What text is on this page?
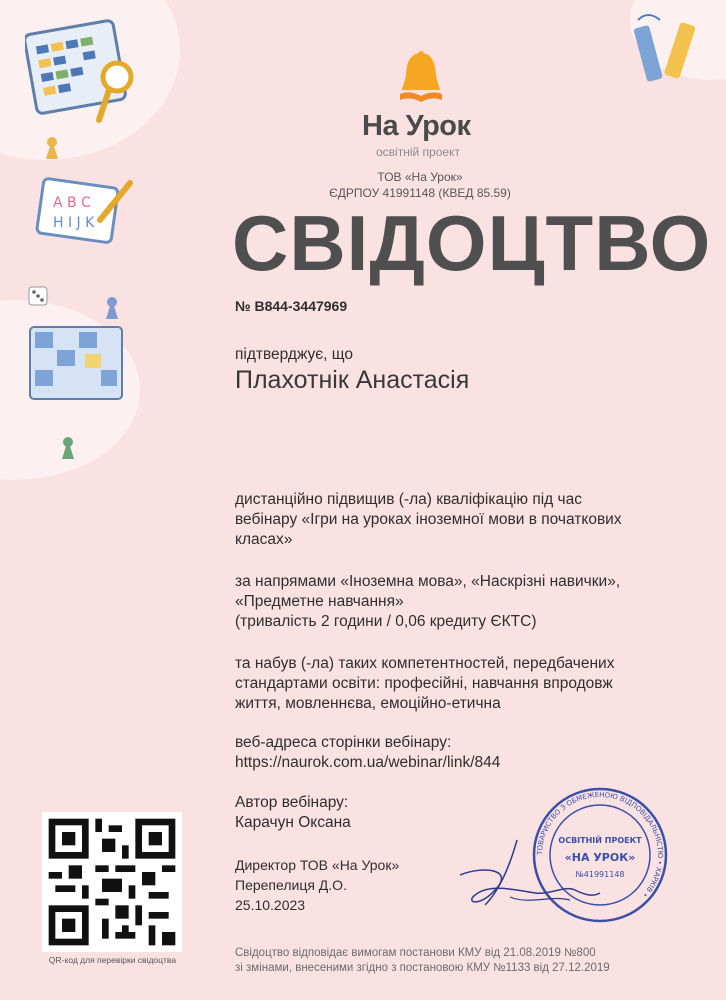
A B C
H I J K
На Урок
освітній проект
ТОВ «На Урок»
ЄДРПОУ 41991148 (КВЕД 85.59)
СВІДОЦТВО
№ B844-3447969
підтверджує, що
Плахотнік Анастасія
дистанційно підвищив (-ла) кваліфікацію під час
вебінару «Ігри на уроках іноземної мови в початкових
класах»
за напрямами «Іноземна мова», «Наскрізні навички»,
«Предметне навчання»
(тривалість 2 години / 0,06 кредиту ЄКТС)
та набув (-ла) таких компетентностей, передбачених
стандартами освіти: професійні, навчання впродовж
життя, мовленнєва, емоційно-етична
веб-адреса сторінки вебінару:
https://naurok.com.ua/webinar/link/844
Автор вебінару:
Карачун Оксана
Директор ТОВ «На Урок»
Перепелиця Д.О.
25.10.2023
ТОВАРИСТВО З ОБМЕЖЕНОЮ ВІДПОВІДАЛЬНІСТЮ • ХАРКІВ •
ОСВІТНІЙ ПРОЕКТ
«НА УРОК»
№41991148
QR-код для перевірки свідоцтва
Свідоцтво відповідає вимогам постанови КМУ від 21.08.2019 №800
зі змінами, внесеними згідно з постановою КМУ №1133 від 27.12.2019
